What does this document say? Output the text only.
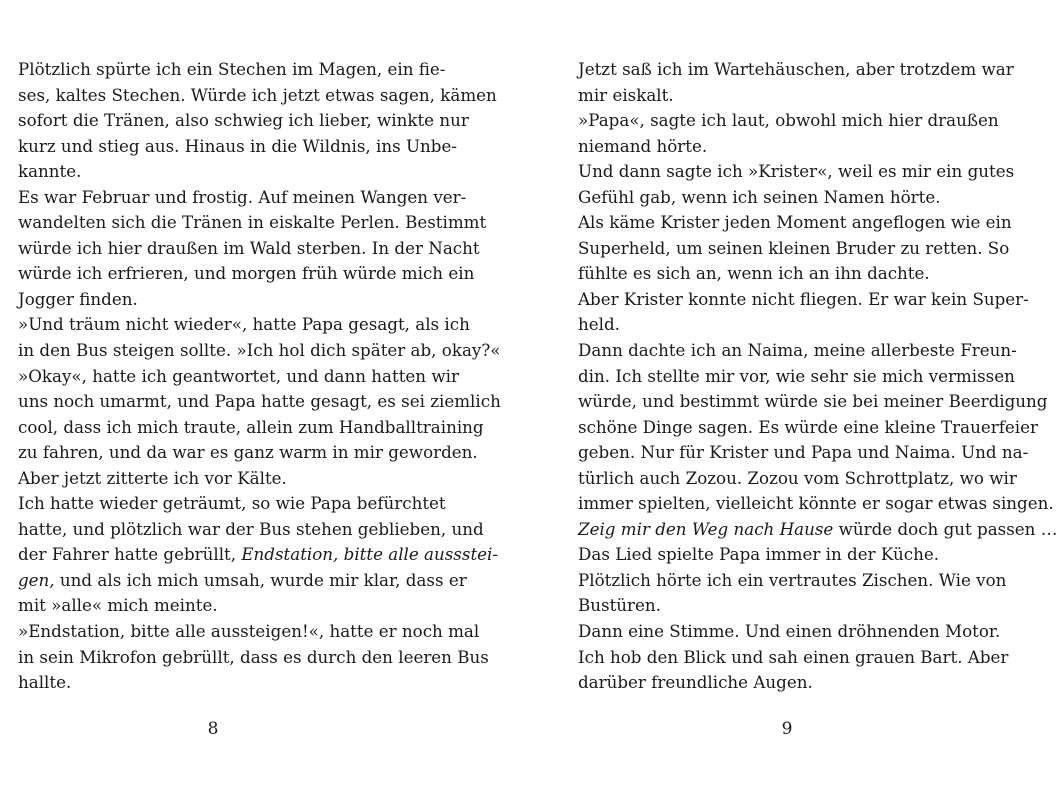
Plötzlich spürte ich ein Stechen im Magen, ein fie-
ses, kaltes Stechen. Würde ich jetzt etwas sagen, kämen
sofort die Tränen, also schwieg ich lieber, winkte nur
kurz und stieg aus. Hinaus in die Wildnis, ins Unbe-
kannte.
Es war Februar und frostig. Auf meinen Wangen ver-
wandelten sich die Tränen in eiskalte Perlen. Bestimmt
würde ich hier draußen im Wald sterben. In der Nacht
würde ich erfrieren, und morgen früh würde mich ein
Jogger finden.
»Und träum nicht wieder«, hatte Papa gesagt, als ich
in den Bus steigen sollte. »Ich hol dich später ab, okay?«
»Okay«, hatte ich geantwortet, und dann hatten wir
uns noch umarmt, und Papa hatte gesagt, es sei ziemlich
cool, dass ich mich traute, allein zum Handballtraining
zu fahren, und da war es ganz warm in mir geworden.
Aber jetzt zitterte ich vor Kälte.
Ich hatte wieder geträumt, so wie Papa befürchtet
hatte, und plötzlich war der Bus stehen geblieben, und
der Fahrer hatte gebrüllt, Endstation, bitte alle aussstei-
gen, und als ich mich umsah, wurde mir klar, dass er
mit »alle« mich meinte.
»Endstation, bitte alle aussteigen!«, hatte er noch mal
in sein Mikrofon gebrüllt, dass es durch den leeren Bus
hallte.
Jetzt saß ich im Wartehäuschen, aber trotzdem war
mir eiskalt.
»Papa«, sagte ich laut, obwohl mich hier draußen
niemand hörte.
Und dann sagte ich »Krister«, weil es mir ein gutes
Gefühl gab, wenn ich seinen Namen hörte.
Als käme Krister jeden Moment angeflogen wie ein
Superheld, um seinen kleinen Bruder zu retten. So
fühlte es sich an, wenn ich an ihn dachte.
Aber Krister konnte nicht fliegen. Er war kein Super-
held.
Dann dachte ich an Naima, meine allerbeste Freun-
din. Ich stellte mir vor, wie sehr sie mich vermissen
würde, und bestimmt würde sie bei meiner Beerdigung
schöne Dinge sagen. Es würde eine kleine Trauerfeier
geben. Nur für Krister und Papa und Naima. Und na-
türlich auch Zozou. Zozou vom Schrottplatz, wo wir
immer spielten, vielleicht könnte er sogar etwas singen.
Zeig mir den Weg nach Hause würde doch gut passen …
Das Lied spielte Papa immer in der Küche.
Plötzlich hörte ich ein vertrautes Zischen. Wie von
Bustüren.
Dann eine Stimme. Und einen dröhnenden Motor.
Ich hob den Blick und sah einen grauen Bart. Aber
darüber freundliche Augen.
8	9
